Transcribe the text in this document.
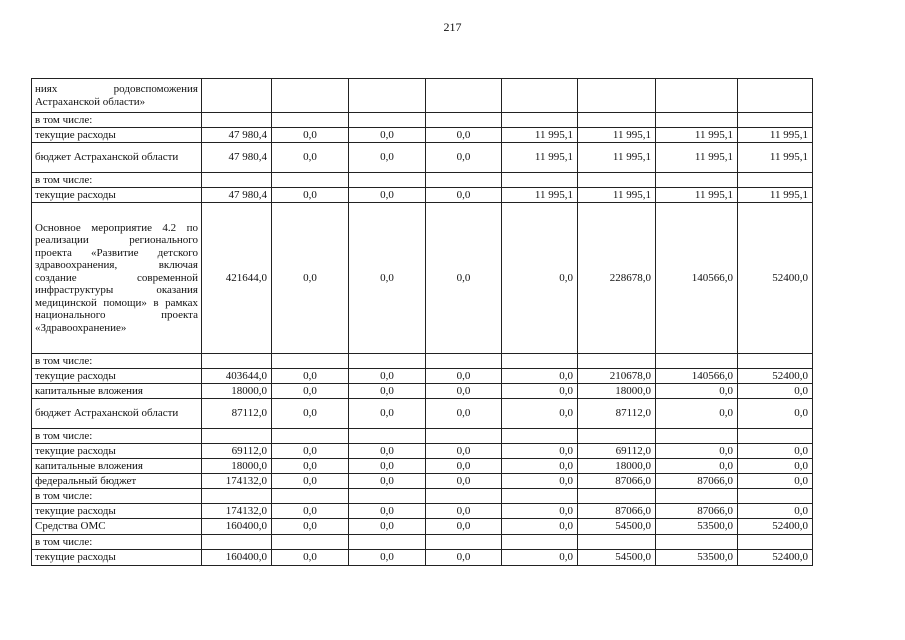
217
ниях родовспоможения Астраханской области»								
в том числе:								
текущие расходы	47 980,4	0,0	0,0	0,0	11 995,1	11 995,1	11 995,1	11 995,1
бюджет Астраханской области	47 980,4	0,0	0,0	0,0	11 995,1	11 995,1	11 995,1	11 995,1
в том числе:								
текущие расходы	47 980,4	0,0	0,0	0,0	11 995,1	11 995,1	11 995,1	11 995,1
Основное мероприятие 4.2 по реализации регионального проекта «Развитие детского здравоохранения, включая создание современной инфраструктуры оказания медицинской помощи» в рамках национального проекта «Здравоохранение»	421644,0	0,0	0,0	0,0	0,0	228678,0	140566,0	52400,0
в том числе:								
текущие расходы	403644,0	0,0	0,0	0,0	0,0	210678,0	140566,0	52400,0
капитальные вложения	18000,0	0,0	0,0	0,0	0,0	18000,0	0,0	0,0
бюджет Астраханской области	87112,0	0,0	0,0	0,0	0,0	87112,0	0,0	0,0
в том числе:								
текущие расходы	69112,0	0,0	0,0	0,0	0,0	69112,0	0,0	0,0
капитальные вложения	18000,0	0,0	0,0	0,0	0,0	18000,0	0,0	0,0
федеральный бюджет	174132,0	0,0	0,0	0,0	0,0	87066,0	87066,0	0,0
в том числе:								
текущие расходы	174132,0	0,0	0,0	0,0	0,0	87066,0	87066,0	0,0
Средства ОМС	160400,0	0,0	0,0	0,0	0,0	54500,0	53500,0	52400,0
в том числе:								
текущие расходы	160400,0	0,0	0,0	0,0	0,0	54500,0	53500,0	52400,0
